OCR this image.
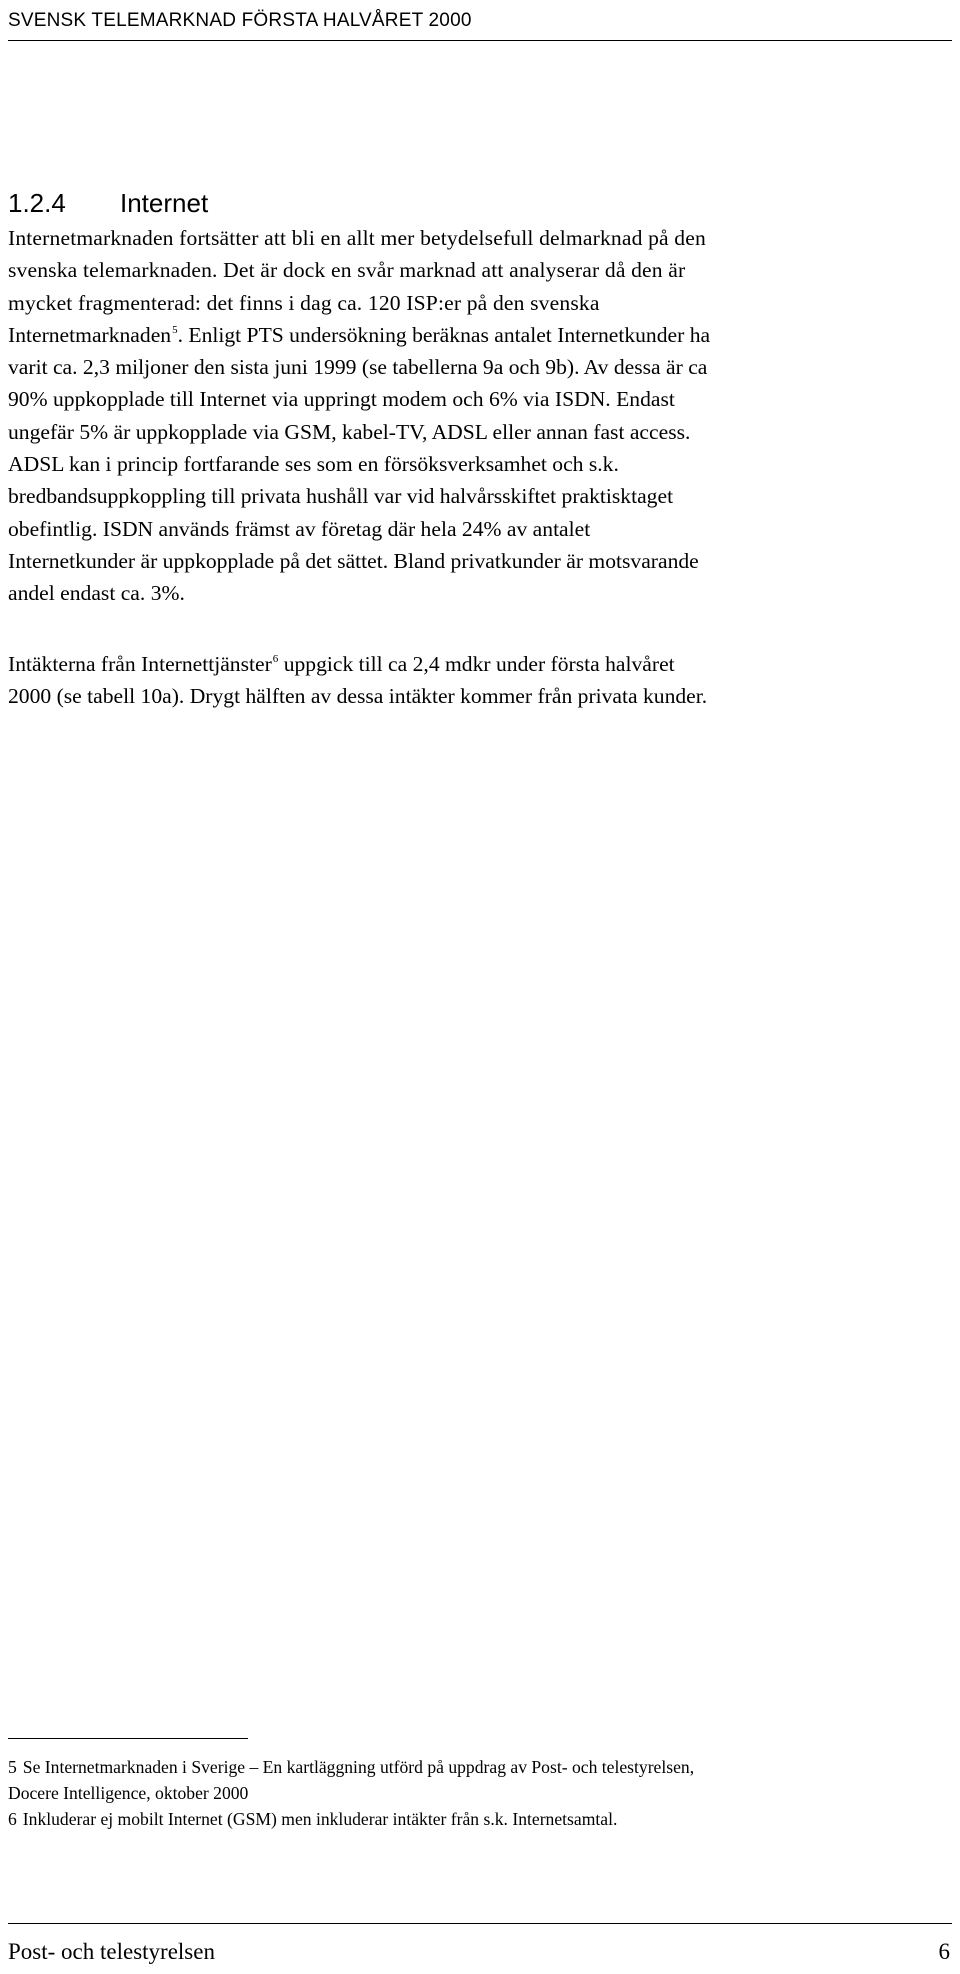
SVENSK TELEMARKNAD FÖRSTA HALVÅRET 2000
1.2.4 Internet
Internetmarknaden fortsätter att bli en allt mer betydelsefull delmarknad på den
svenska telemarknaden. Det är dock en svår marknad att analyserar då den är
mycket fragmenterad: det finns i dag ca. 120 ISP:er på den svenska
Internetmarknaden$^5$. Enligt PTS undersökning beräknas antalet Internetkunder ha
varit ca. 2,3 miljoner den sista juni 1999 (se tabellerna 9a och 9b). Av dessa är ca
90% uppkopplade till Internet via uppringt modem och 6% via ISDN. Endast
ungefär 5% är uppkopplade via GSM, kabel-TV, ADSL eller annan fast access.
ADSL kan i princip fortfarande ses som en försöksverksamhet och s.k.
bredbandsuppkoppling till privata hushåll var vid halvårsskiftet praktisktaget
obefintlig. ISDN används främst av företag där hela 24% av antalet
Internetkunder är uppkopplade på det sättet. Bland privatkunder är motsvarande
andel endast ca. 3%.
Intäkterna från Internettjänster$^6$ uppgick till ca 2,4 mdkr under första halvåret
2000 (se tabell 10a). Drygt hälften av dessa intäkter kommer från privata kunder.
5 Se Internetmarknaden i Sverige – En kartläggning utförd på uppdrag av Post- och telestyrelsen,
Docere Intelligence, oktober 2000
6 Inkluderar ej mobilt Internet (GSM) men inkluderar intäkter från s.k. Internetsamtal.
Post- och telestyrelsen	6
